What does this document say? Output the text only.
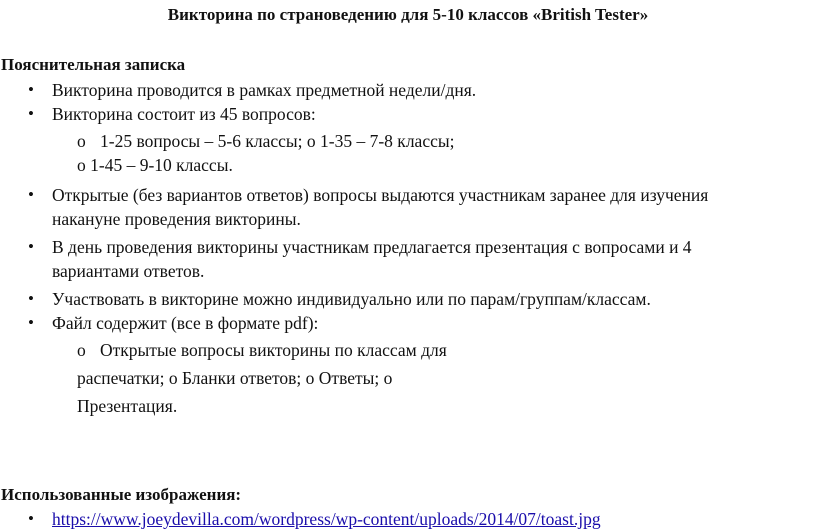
Викторина по страноведению для 5-10 классов «British Tester»
Пояснительная записка
• Викторина проводится в рамках предметной недели/дня.
• Викторина состоит из 45 вопросов:
o 1-25 вопросы – 5-6 классы; o 1-35 – 7-8 классы;
o 1-45 – 9-10 классы.
• Открытые (без вариантов ответов) вопросы выдаются участникам заранее для изучения
накануне проведения викторины.
• В день проведения викторины участникам предлагается презентация с вопросами и 4
вариантами ответов.
• Участвовать в викторине можно индивидуально или по парам/группам/классам.
• Файл содержит (все в формате pdf):
o Открытые вопросы викторины по классам для
распечатки; o Бланки ответов; o Ответы; o
Презентация.
Использованные изображения:
• https://www.joeydevilla.com/wordpress/wp-content/uploads/2014/07/toast.jpg
